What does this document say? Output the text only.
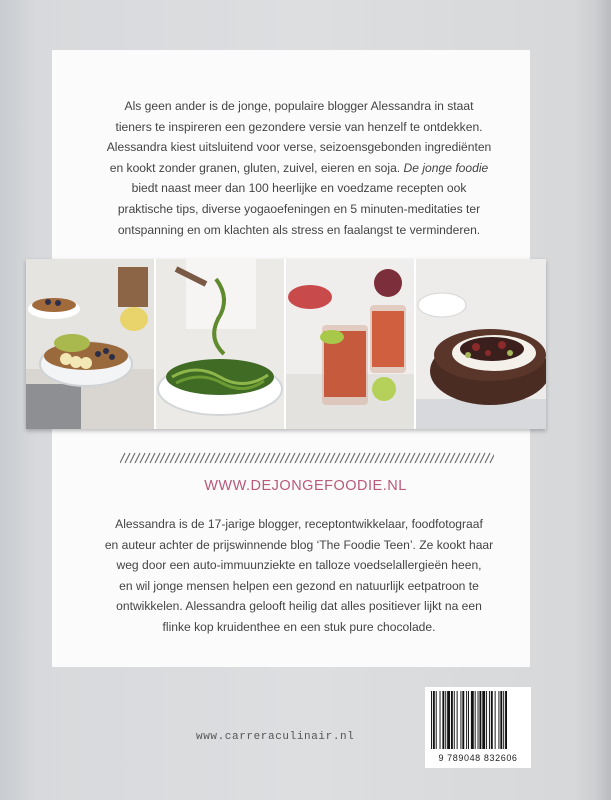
Als geen ander is de jonge, populaire blogger Alessandra in staat
tieners te inspireren een gezondere versie van henzelf te ontdekken.
Alessandra kiest uitsluitend voor verse, seizoensgebonden ingrediënten
en kookt zonder granen, gluten, zuivel, eieren en soja. De jonge foodie
biedt naast meer dan 100 heerlijke en voedzame recepten ook
praktische tips, diverse yogaoefeningen en 5 minuten-meditaties ter
ontspanning en om klachten als stress en faalangst te verminderen.
WWW.DEJONGEFOODIE.NL
Alessandra is de 17-jarige blogger, receptontwikkelaar, foodfotograaf
en auteur achter de prijswinnende blog ‘The Foodie Teen’. Ze kookt haar
weg door een auto-immuunziekte en talloze voedselallergieën heen,
en wil jonge mensen helpen een gezond en natuurlijk eetpatroon te
ontwikkelen. Alessandra gelooft heilig dat alles positiever lijkt na een
flinke kop kruidenthee en een stuk pure chocolade.
www.carreraculinair.nl
9 789048 832606
